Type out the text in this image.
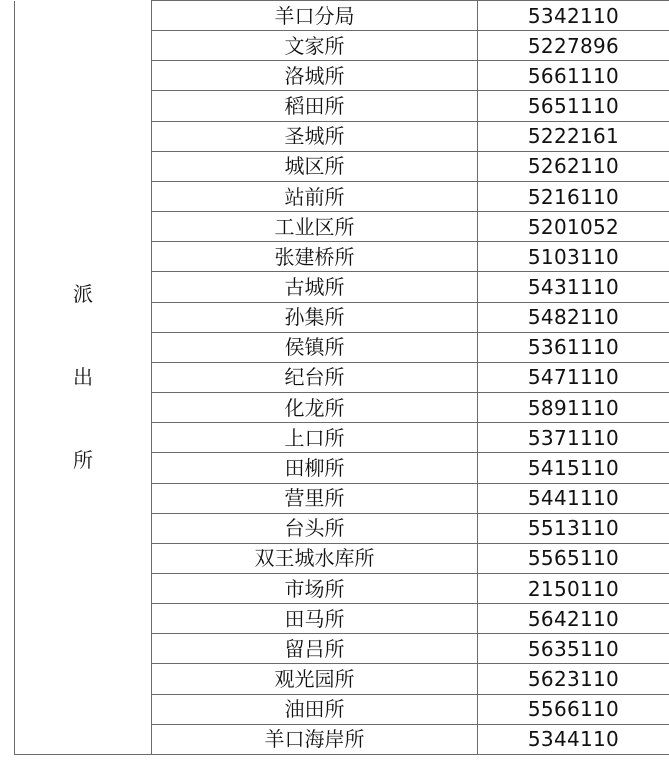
派
出
所	羊口分局	5342110
	文家所	5227896
	洛城所	5661110
	稻田所	5651110
	圣城所	5222161
	城区所	5262110
	站前所	5216110
	工业区所	5201052
	张建桥所	5103110
	古城所	5431110
	孙集所	5482110
	侯镇所	5361110
	纪台所	5471110
	化龙所	5891110
	上口所	5371110
	田柳所	5415110
	营里所	5441110
	台头所	5513110
	双王城水库所	5565110
	市场所	2150110
	田马所	5642110
	留吕所	5635110
	观光园所	5623110
	油田所	5566110
	羊口海岸所	5344110
